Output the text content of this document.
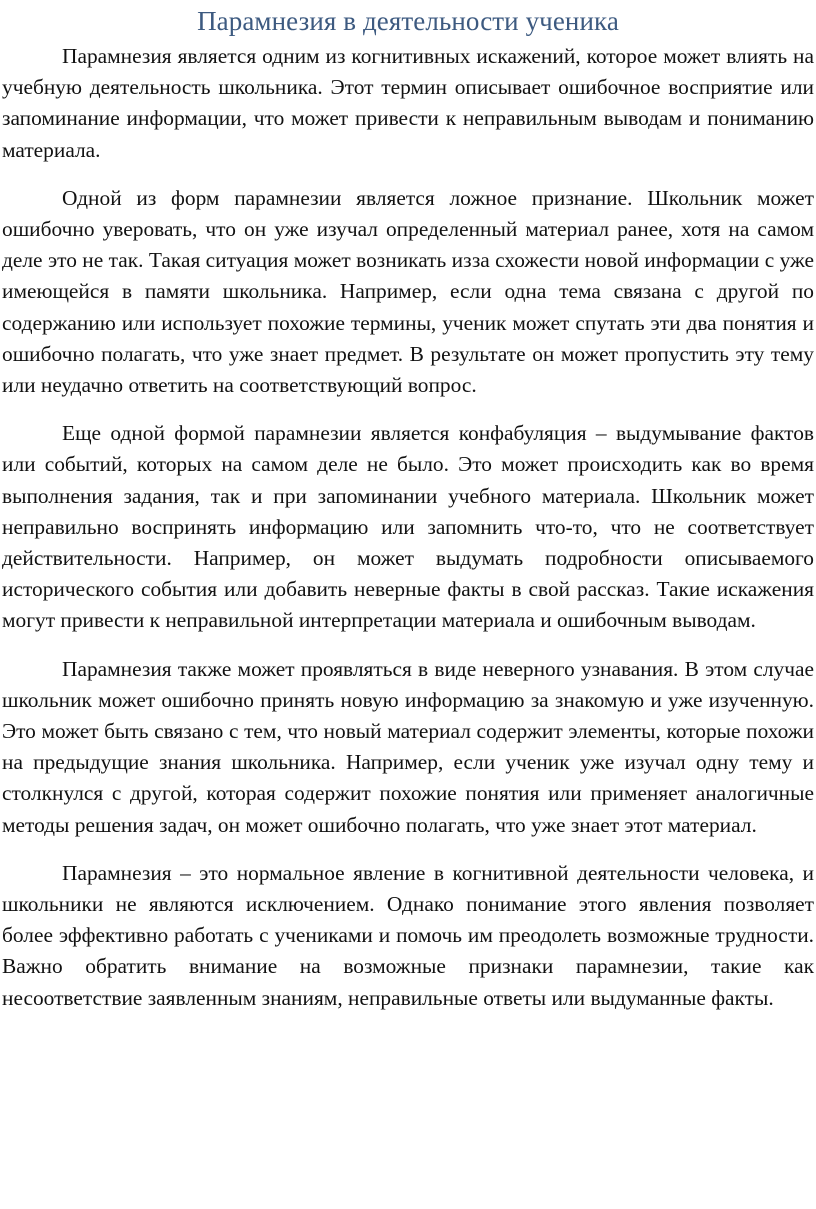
Парамнезия в деятельности ученика

Парамнезия является одним из когнитивных искажений, которое может влиять на учебную деятельность школьника. Этот термин описывает ошибочное восприятие или запоминание информации, что может привести к неправильным выводам и пониманию материала.

Одной из форм парамнезии является ложное признание. Школьник может ошибочно уверовать, что он уже изучал определенный материал ранее, хотя на самом деле это не так. Такая ситуация может возникать изза схожести новой информации с уже имеющейся в памяти школьника. Например, если одна тема связана с другой по содержанию или использует похожие термины, ученик может спутать эти два понятия и ошибочно полагать, что уже знает предмет. В результате он может пропустить эту тему или неудачно ответить на соответствующий вопрос.

Еще одной формой парамнезии является конфабуляция – выдумывание фактов или событий, которых на самом деле не было. Это может происходить как во время выполнения задания, так и при запоминании учебного материала. Школьник может неправильно воспринять информацию или запомнить что-то, что не соответствует действительности. Например, он может выдумать подробности описываемого исторического события или добавить неверные факты в свой рассказ. Такие искажения могут привести к неправильной интерпретации материала и ошибочным выводам.

Парамнезия также может проявляться в виде неверного узнавания. В этом случае школьник может ошибочно принять новую информацию за знакомую и уже изученную. Это может быть связано с тем, что новый материал содержит элементы, которые похожи на предыдущие знания школьника. Например, если ученик уже изучал одну тему и столкнулся с другой, которая содержит похожие понятия или применяет аналогичные методы решения задач, он может ошибочно полагать, что уже знает этот материал.

Парамнезия – это нормальное явление в когнитивной деятельности человека, и школьники не являются исключением. Однако понимание этого явления позволяет более эффективно работать с учениками и помочь им преодолеть возможные трудности. Важно обратить внимание на возможные признаки парамнезии, такие как несоответствие заявленным знаниям, неправильные ответы или выдуманные факты.
